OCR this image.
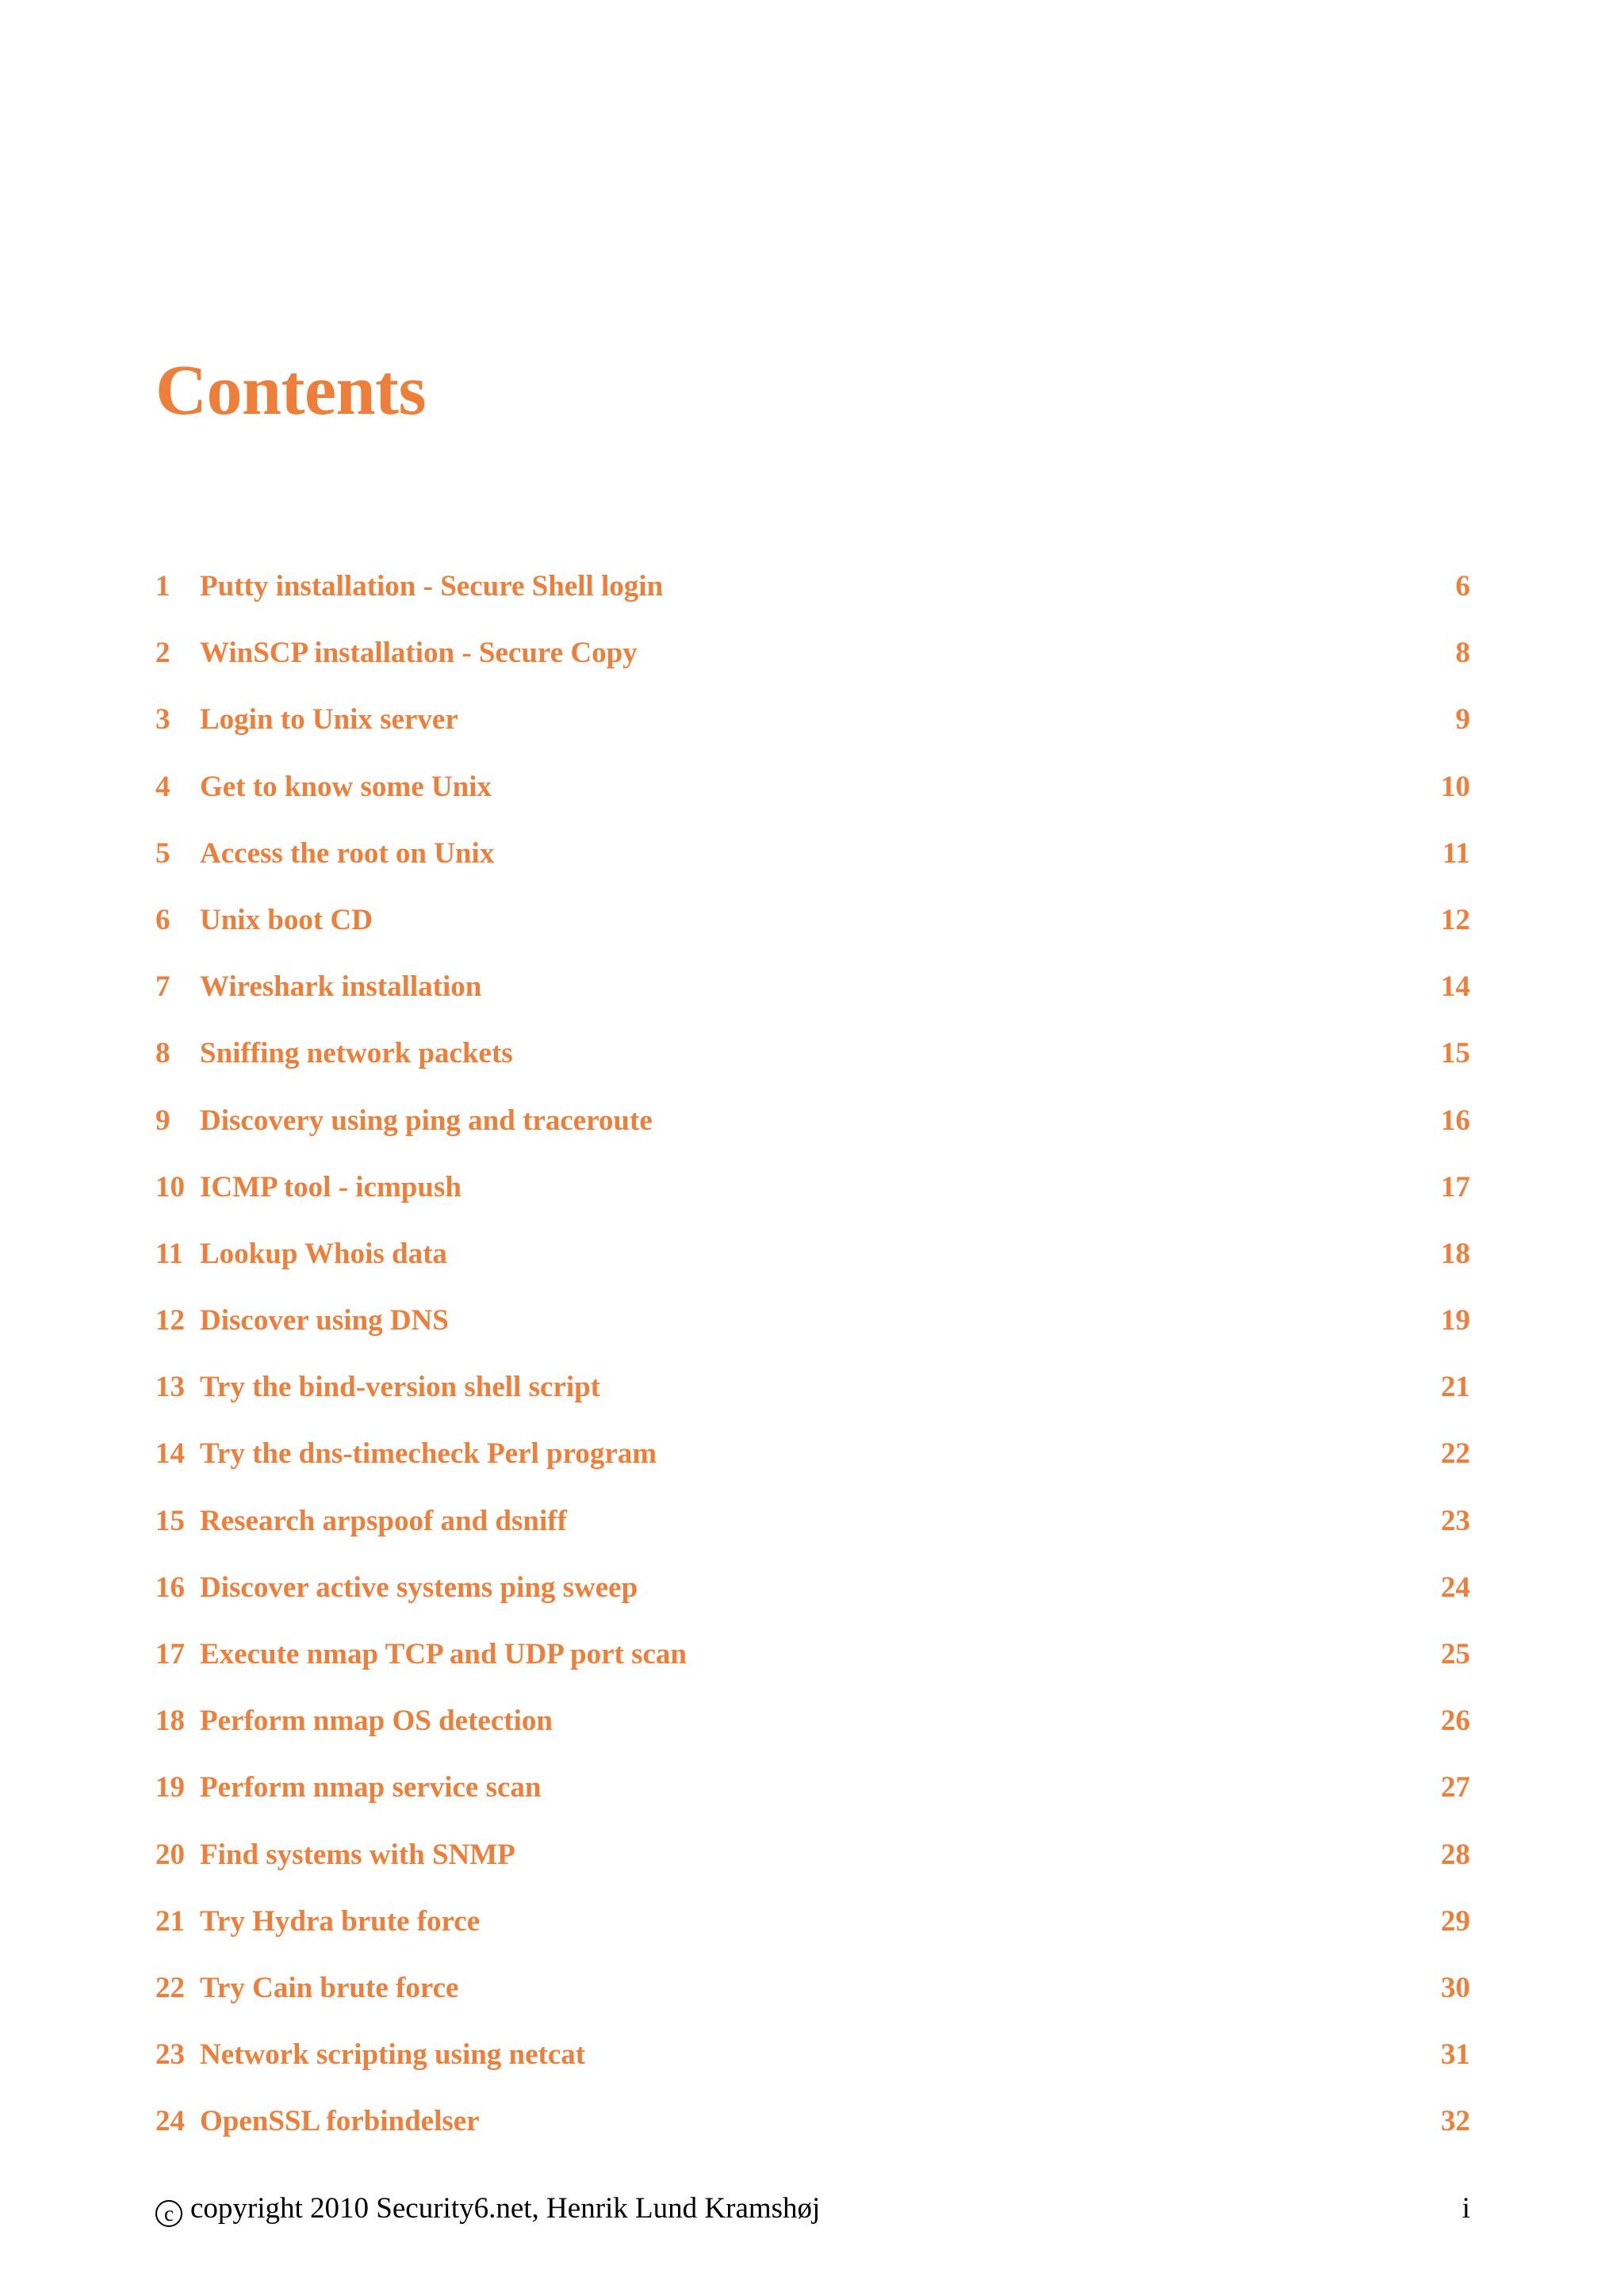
Contents
1	Putty installation - Secure Shell login	6
2	WinSCP installation - Secure Copy	8
3	Login to Unix server	9
4	Get to know some Unix	10
5	Access the root on Unix	11
6	Unix boot CD	12
7	Wireshark installation	14
8	Sniffing network packets	15
9	Discovery using ping and traceroute	16
10 ICMP tool - icmpush	17
11 Lookup Whois data	18
12 Discover using DNS	19
13 Try the bind-version shell script	21
14 Try the dns-timecheck Perl program	22
15 Research arpspoof and dsniff	23
16 Discover active systems ping sweep	24
17 Execute nmap TCP and UDP port scan	25
18 Perform nmap OS detection	26
19 Perform nmap service scan	27
20 Find systems with SNMP	28
21 Try Hydra brute force	29
22 Try Cain brute force	30
23 Network scripting using netcat	31
24 OpenSSL forbindelser	32
c copyright 2010 Security6.net, Henrik Lund Kramshøj	i
